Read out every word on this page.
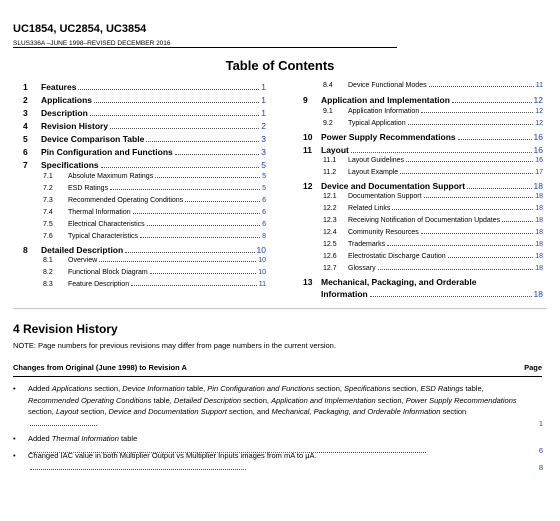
UC1854, UC2854, UC3854
SLUS336A –JUNE 1998–REVISED DECEMBER 2016
Table of Contents
1	Features	1
2	Applications	1
3	Description	1
4	Revision History	2
5	Device Comparison Table	3
6	Pin Configuration and Functions	3
7	Specifications	5
7.1	Absolute Maximum Ratings	5
7.2	ESD Ratings	5
7.3	Recommended Operating Conditions	6
7.4	Thermal Information	6
7.5	Electrical Characteristics	6
7.6	Typical Characteristics	8
8	Detailed Description	10
8.1	Overview	10
8.2	Functional Block Diagram	10
8.3	Feature Description	11
8.4	Device Functional Modes	11
9	Application and Implementation	12
9.1	Application Information	12
9.2	Typical Application	12
10	Power Supply Recommendations	16
11	Layout	16
11.1	Layout Guidelines	16
11.2	Layout Example	17
12	Device and Documentation Support	18
12.1	Documentation Support	18
12.2	Related Links	18
12.3	Receiving Notification of Documentation Updates	18
12.4	Community Resources	18
12.5	Trademarks	18
12.6	Electrostatic Discharge Caution	18
12.7	Glossary	18
13	Mechanical, Packaging, and Orderable
Information	18
4 Revision History
NOTE: Page numbers for previous revisions may differ from page numbers in the current version.
Changes from Original (June 1998) to Revision A	Page
• Added Applications section, Device Information table, Pin Configuration and Functions section, Specifications section, ESD Ratings table, Recommended Operating Conditions table, Detailed Description section, Application and Implementation section, Power Supply Recommendations section, Layout section, Device and Documentation Support section, and Mechanical, Packaging, and Orderable Information section
1
• Added Thermal Information table
6
• Changed IAC value in both Multiplier Output vs Multiplier Inputs images from mA to μA.
8
